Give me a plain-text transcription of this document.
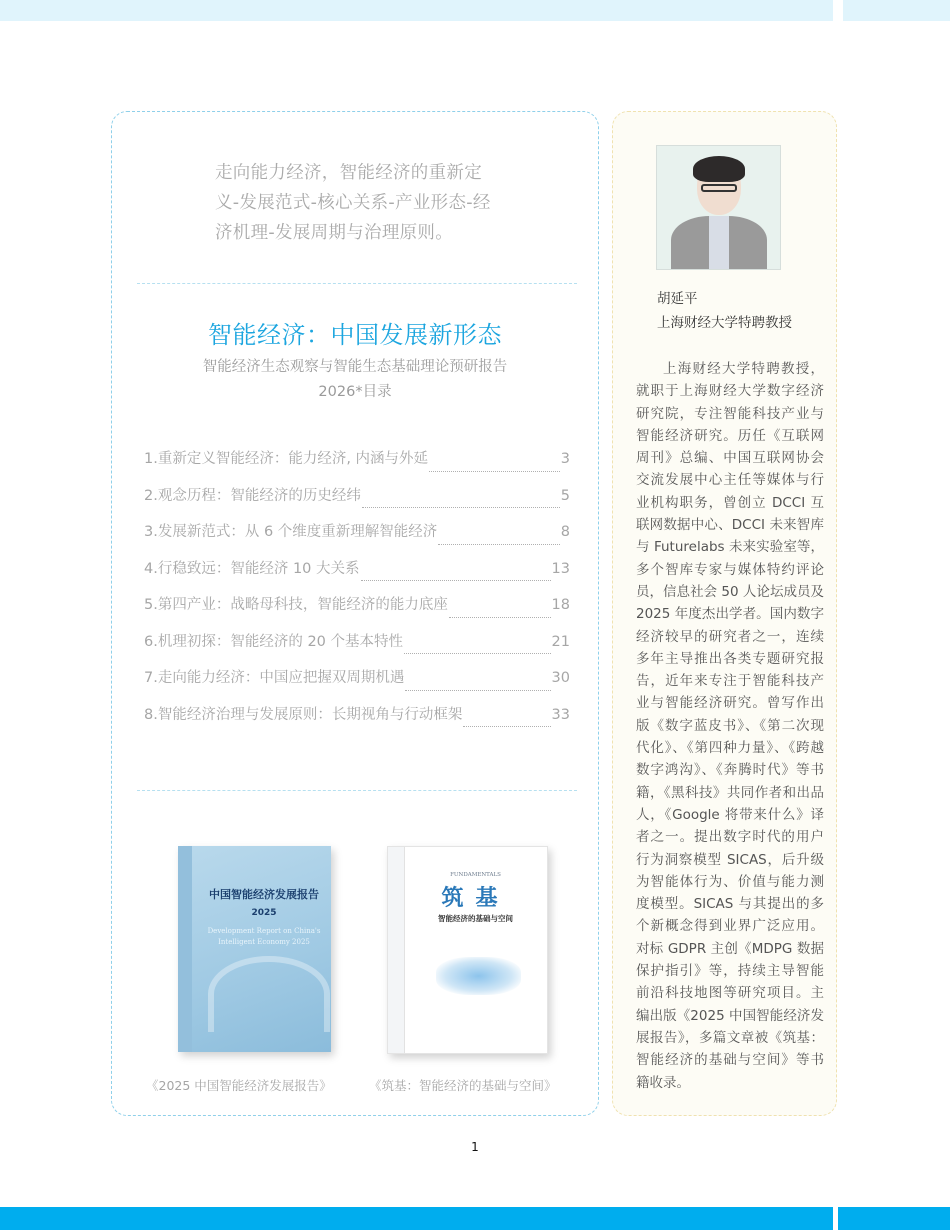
走向能力经济，智能经济的重新定义-发展范式-核心关系-产业形态-经济机理-发展周期与治理原则。
智能经济：中国发展新形态
智能经济生态观察与智能生态基础理论预研报告
2026*目录
1.重新定义智能经济：能力经济, 内涵与外延	3
2.观念历程：智能经济的历史经纬	5
3.发展新范式：从 6 个维度重新理解智能经济	8
4.行稳致远：智能经济 10 大关系	13
5.第四产业：战略母科技，智能经济的能力底座	18
6.机理初探：智能经济的 20 个基本特性	21
7.走向能力经济：中国应把握双周期机遇	30
8.智能经济治理与发展原则：长期视角与行动框架	33
中国智能经济发展报告
2025
Development Report on China's Intelligent Economy 2025
FUNDAMENTALS
筑基
智能经济的基础与空间
《2025 中国智能经济发展报告》	《筑基：智能经济的基础与空间》
胡延平
上海财经大学特聘教授
上海财经大学特聘教授，就职于上海财经大学数字经济研究院，专注智能科技产业与智能经济研究。历任《互联网周刊》总编、中国互联网协会交流发展中心主任等媒体与行业机构职务，曾创立 DCCI 互联网数据中心、DCCI 未来智库与 Futurelabs 未来实验室等，多个智库专家与媒体特约评论员，信息社会 50 人论坛成员及 2025 年度杰出学者。国内数字经济较早的研究者之一，连续多年主导推出各类专题研究报告，近年来专注于智能科技产业与智能经济研究。曾写作出版《数字蓝皮书》、《第二次现代化》、《第四种力量》、《跨越数字鸿沟》、《奔腾时代》等书籍，《黑科技》共同作者和出品人，《Google 将带来什么》译者之一。提出数字时代的用户行为洞察模型 SICAS，后升级为智能体行为、价值与能力测度模型。SICAS 与其提出的多个新概念得到业界广泛应用。对标 GDPR 主创《MDPG 数据保护指引》等，持续主导智能前沿科技地图等研究项目。主编出版《2025 中国智能经济发展报告》，多篇文章被《筑基：智能经济的基础与空间》等书籍收录。
1
